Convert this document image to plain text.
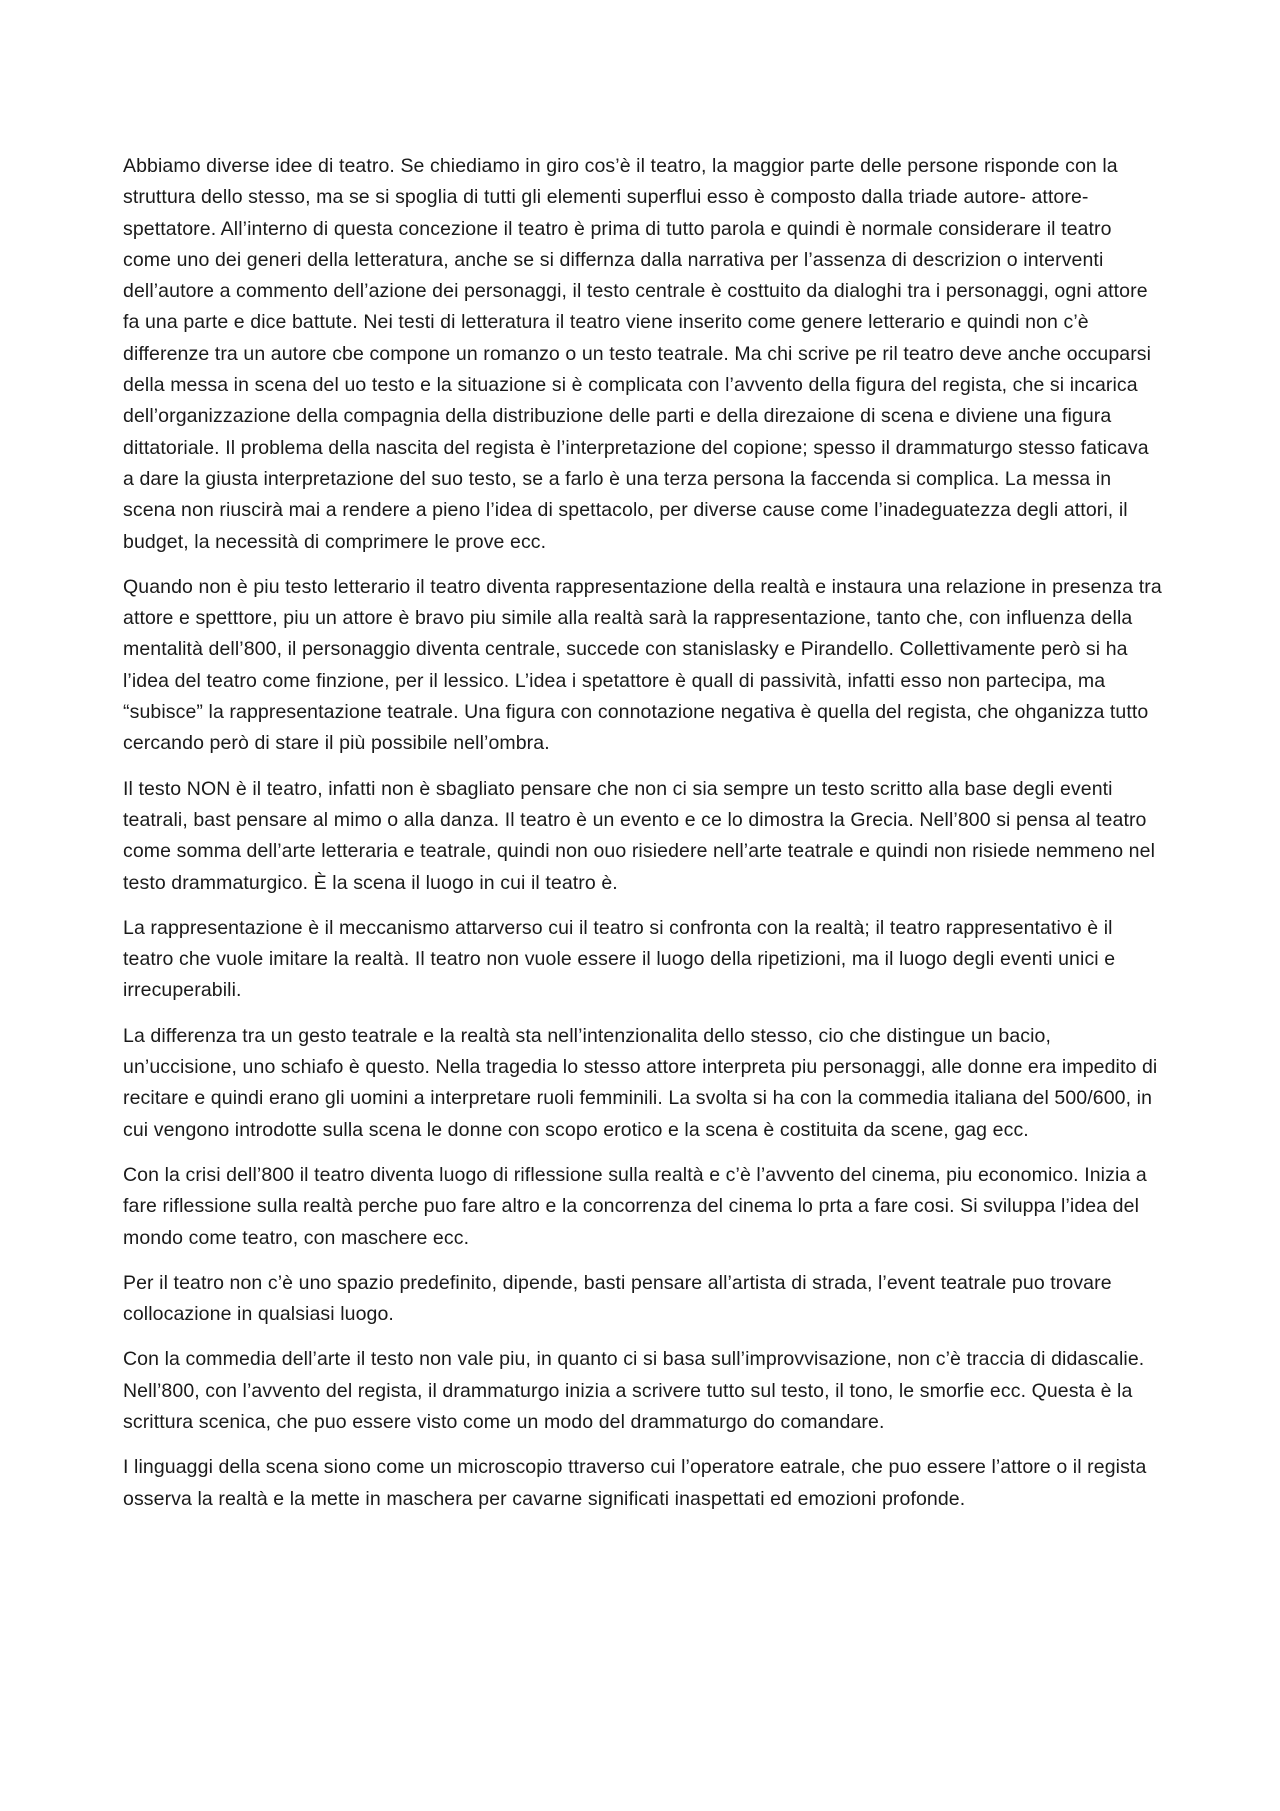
Abbiamo diverse idee di teatro. Se chiediamo in giro cos’è il teatro, la maggior parte delle persone risponde con la struttura dello stesso, ma se si spoglia di tutti gli elementi superflui esso è composto dalla triade autore- attore- spettatore. All’interno di questa concezione il teatro è prima di tutto parola e quindi è normale considerare il teatro come uno dei generi della letteratura, anche se si differnza dalla narrativa per l’assenza di descrizion o interventi dell’autore a commento dell’azione dei personaggi, il testo centrale è costtuito da dialoghi tra i personaggi, ogni attore fa una parte e dice battute. Nei testi di letteratura il teatro viene inserito come genere letterario e quindi non c’è differenze tra un autore cbe compone un romanzo o un testo teatrale. Ma chi scrive pe ril teatro deve anche occuparsi della messa in scena del uo testo e la situazione si è complicata con l’avvento della figura del regista, che si incarica dell’organizzazione della compagnia della distribuzione delle parti e della direzaione di scena e diviene una figura dittatoriale. Il problema della nascita del regista è l’interpretazione del copione; spesso il drammaturgo stesso faticava a dare la giusta interpretazione del suo testo, se a farlo è una terza persona la faccenda si complica. La messa in scena non riuscirà mai a rendere a pieno l’idea di spettacolo, per diverse cause come l’inadeguatezza degli attori, il budget, la necessità di comprimere le prove ecc.

Quando non è piu testo letterario il teatro diventa rappresentazione della realtà e instaura una relazione in presenza tra attore e spetttore, piu un attore è bravo piu simile alla realtà sarà la rappresentazione, tanto che, con influenza della mentalità dell’800, il personaggio diventa centrale, succede con stanislasky e Pirandello. Collettivamente però si ha l’idea del teatro come finzione, per il lessico. L’idea i spetattore è quall di passività, infatti esso non partecipa, ma “subisce” la rappresentazione teatrale. Una figura con connotazione negativa è quella del regista, che ohganizza tutto cercando però di stare il più possibile nell’ombra.

Il testo NON è il teatro, infatti non è sbagliato pensare che non ci sia sempre un testo scritto alla base degli eventi teatrali, bast pensare al mimo o alla danza. Il teatro è un evento e ce lo dimostra la Grecia. Nell’800 si pensa al teatro come somma dell’arte letteraria e teatrale, quindi non ouo risiedere nell’arte teatrale e quindi non risiede nemmeno nel testo drammaturgico. È la scena il luogo in cui il teatro è.

La rappresentazione è il meccanismo attarverso cui il teatro si confronta con la realtà; il teatro rappresentativo è il teatro che vuole imitare la realtà. Il teatro non vuole essere il luogo della ripetizioni, ma il luogo degli eventi unici e irrecuperabili.

La differenza tra un gesto teatrale e la realtà sta nell’intenzionalita dello stesso, cio che distingue un bacio, un’uccisione, uno schiafo è questo. Nella tragedia lo stesso attore interpreta piu personaggi, alle donne era impedito di recitare e quindi erano gli uomini a interpretare ruoli femminili. La svolta si ha con la commedia italiana del 500/600, in cui vengono introdotte sulla scena le donne con scopo erotico e la scena è costituita da scene, gag ecc.

Con la crisi dell’800 il teatro diventa luogo di riflessione sulla realtà e c’è l’avvento del cinema, piu economico. Inizia a fare riflessione sulla realtà perche puo fare altro e la concorrenza del cinema lo prta a fare cosi. Si sviluppa l’idea del mondo come teatro, con maschere ecc.

Per il teatro non c’è uno spazio predefinito, dipende, basti pensare all’artista di strada, l’event teatrale puo trovare collocazione in qualsiasi luogo.

Con la commedia dell’arte il testo non vale piu, in quanto ci si basa sull’improvvisazione, non c’è traccia di didascalie. Nell’800, con l’avvento del regista, il drammaturgo inizia a scrivere tutto sul testo, il tono, le smorfie ecc. Questa è la scrittura scenica, che puo essere visto come un modo del drammaturgo do comandare.

I linguaggi della scena siono come un microscopio ttraverso cui l’operatore eatrale, che puo essere l’attore o il regista osserva la realtà e la mette in maschera per cavarne significati inaspettati ed emozioni profonde.
